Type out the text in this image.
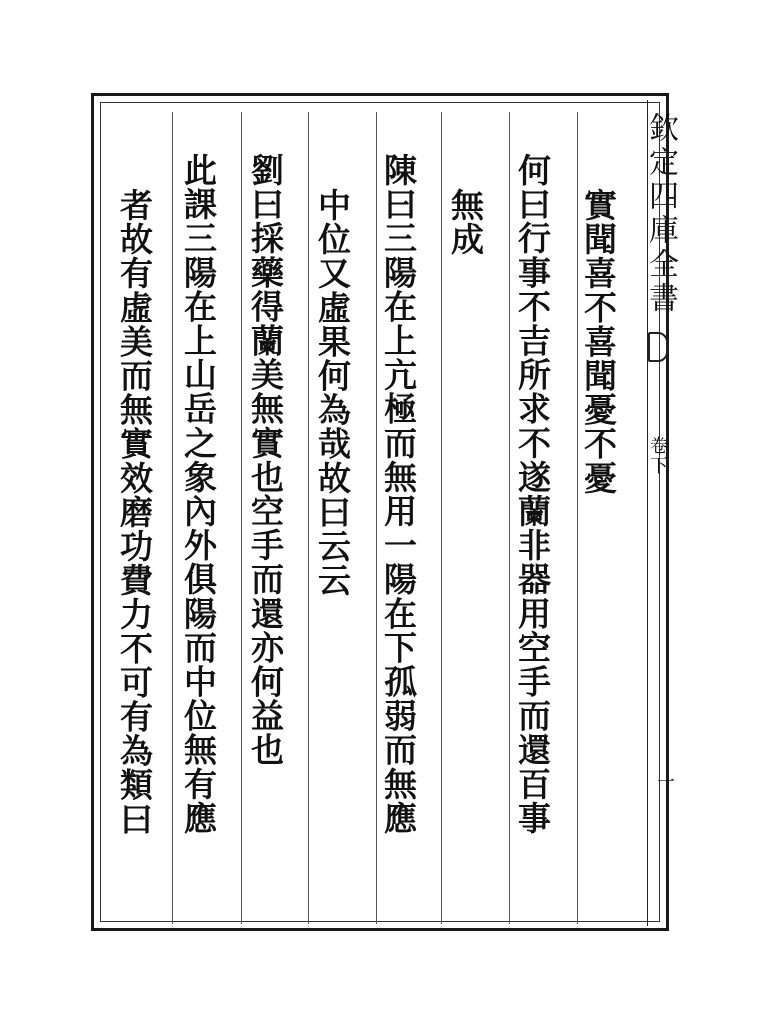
欽定四庫全書
卷下
一
何曰行事不吉所求不遂蘭非器用空手而還百事
無成	實聞喜不喜聞憂不憂
陳曰三陽在上亢極而無用一陽在下孤弱而無應
中位又虛果何為哉故曰云云
劉曰採藥得蘭美無實也空手而還亦何益也
此課三陽在上山岳之象內外俱陽而中位無有應
者故有虛美而無實效磨功費力不可有為類曰
